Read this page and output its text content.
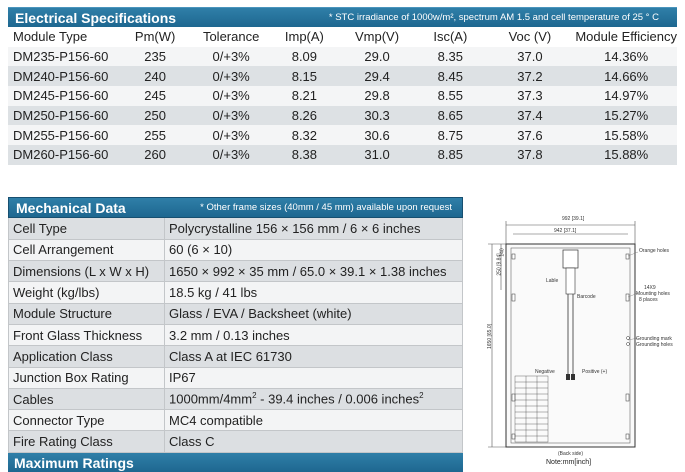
Electrical Specifications	* STC irradiance of 1000w/m², spectrum AM 1.5 and cell temperature of 25 ° C
Module Type	Pm(W)	Tolerance	Imp(A)	Vmp(V)	Isc(A)	Voc (V)	Module Efficiency
DM235-P156-60	235	0/+3%	8.09	29.0	8.35	37.0	14.36%
DM240-P156-60	240	0/+3%	8.15	29.4	8.45	37.2	14.66%
DM245-P156-60	245	0/+3%	8.21	29.8	8.55	37.3	14.97%
DM250-P156-60	250	0/+3%	8.26	30.3	8.65	37.4	15.27%
DM255-P156-60	255	0/+3%	8.32	30.6	8.75	37.6	15.58%
DM260-P156-60	260	0/+3%	8.38	31.0	8.85	37.8	15.88%
Mechanical Data	* Other frame sizes (40mm / 45 mm) available upon request
Cell Type	Polycrystalline 156 × 156 mm / 6 × 6 inches
Cell Arrangement	60 (6 × 10)
Dimensions (L x W x H)	1650 × 992 × 35 mm / 65.0 × 39.1 × 1.38 inches
Weight (kg/lbs)	18.5 kg / 41 lbs
Module Structure	Glass / EVA / Backsheet (white)
Front Glass Thickness	3.2 mm / 0.13 inches
Application Class	Class A at IEC 61730
Junction Box Rating	IP67
Cables	$1000mm/4mm^2 - 39.4$ inches / 0.006 inches$^2$
Connector Type	MC4 compatible
Fire Rating Class	Class C
Maximum Ratings
992 [39.1]
942 [37.1]
1650 [65.0]
250 [9.84]
140	Orange holes
14X9
Mounting holes
8 places
Grounding mark
Grounding holes
Lable
Barcode
Negative	Positive (+)
(Back side)
Note:mm[inch]
